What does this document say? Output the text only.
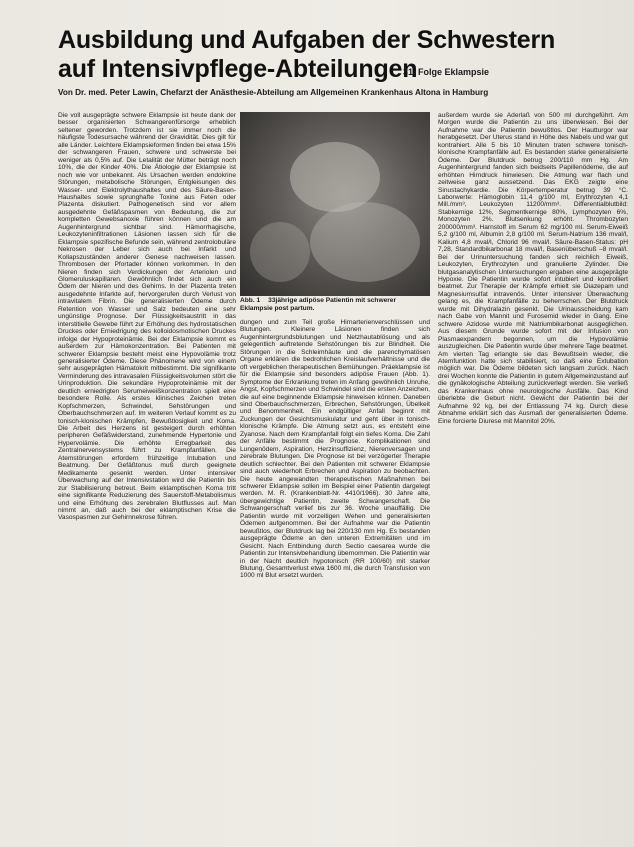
Ausbildung und Aufgaben der Schwestern
auf Intensivpflege-Abteilungen
31. Folge Eklampsie
Von Dr. med. Peter Lawin, Chefarzt der Anästhesie-Abteilung am Allgemeinen Krankenhaus Altona in Hamburg

Die voll ausgeprägte schwere Eklampsie ist heute dank der besser organisierten Schwangerenfürsorge erheblich seltener geworden. Trotzdem ist sie immer noch die häufigste Todesursache während der Gravidität. Dies gilt für alle Länder. Leichtere Eklampsieformen finden bei etwa 15% der schwangeren Frauen, schwere und schwerste bei weniger als 0,5% auf. Die Letalität der Mütter beträgt noch 10%, die der Kinder 40%. Die Ätiologie der Eklampsie ist noch wie vor unbekannt. Als Ursachen werden endokrine Störungen, metabolische Störungen, Entgleisungen des Wasser- und Elektrolythaushaltes und des Säure-Basen-Haushaltes sowie sprunghafte Toxine aus Feten oder Plazenta diskutiert. Pathogenetisch sind vor allem ausgedehnte Gefäßspasmen von Bedeutung, die zur kompletten Gewebsanoxie führen können und die am Augenhintergrund sichtbar sind. Hämorrhagische, Leukozyteninfiltrationen Läsionen lassen sich für die Eklampsie spezifische Befunde sein, während zentrolobuläre Nekrosen der Leber sich auch bei Infarkt und Kollapszuständen anderer Genese nachweisen lassen. Thrombosen der Pfortader können vorkommen. In den Nieren finden sich Verdickungen der Arteriolen und Glomeruluskapillaren. Gewöhnlich findet sich auch ein Ödem der Nieren und des Gehirns. In der Plazenta treten ausgedehnte Infarkte auf, hervorgerufen durch Verlust von intravitalem Fibrin. Die generalisierten Ödeme durch Retention von Wasser und Salz bedeuten eine sehr ungünstige Prognose. Der Flüssigkeitsaustritt in das interstitielle Gewebe führt zur Erhöhung des hydrostatischen Druckes oder Erniedrigung des kolloidosmotischen Druckes infolge der Hypoproteinämie. Bei der Eklampsie kommt es außerdem zur Hämokonzentration. Bei Patienten mit schwerer Eklampsie besteht meist eine Hypovolämie trotz generalisierter Ödeme. Diese Phänomene wird von einem sehr ausgeprägten Hämatokrit mitbestimmt. Die signifikante Verminderung des intravasalen Flüssigkeitsvolumen stört die Urinproduktion. Die sekundäre Hypoproteinämie mit der deutlich erniedrigten Serumeiweißkonzentration spielt eine besondere Rolle. Als erstes klinisches Zeichen treten Kopfschmerzen, Schwindel, Sehstörungen und Oberbauchschmerzen auf. Im weiteren Verlauf kommt es zu tonisch-klonischen Krämpfen, Bewußtlosigkeit und Koma. Die Arbeit des Herzens ist gesteigert durch erhöhten peripheren Gefäßwiderstand, zunehmende Hypertonie und Hypervolämie. Die erhöhte Erregbarkeit des Zentralnervensystems führt zu Krampfanfällen. Die Atemstörungen erfordern frühzeitige Intubation und Beatmung. Der Gefäßtonus muß durch geeignete Medikamente gesenkt werden. Unter intensiver Überwachung auf der Intensivstation wird die Patientin bis zur Stabilisierung betreut. Beim eklamptischen Koma tritt eine signifikante Reduzierung des Sauerstoff-Metabolismus und eine Erhöhung des zerebralen Blutflusses auf. Man nimmt an, daß auch bei der eklamptischen Krise die Vasospasmen zur Gehirnnekrose führen.

Abb. 1 33jährige adipöse Patientin mit schwerer Eklampsie post partum.

dungen und zum Teil große Hirnarterienverschlüssen und Blutungen. Kleinere Läsionen finden sich Augenhintergrundsblutungen und Netzhautablösung und als gelegentlich auftretende Sehstörungen bis zur Blindheit. Die Störungen in die Schleimhäute und die parenchymatösen Organe erklären die bedrohlichen Kreislaufverhältnisse und die oft vergeblichen therapeutischen Bemühungen. Präeklampsie ist für die Eklampsie sind besonders adipöse Frauen (Abb. 1). Symptome der Erkrankung treten im Anfang gewöhnlich Unruhe, Angst, Kopfschmerzen und Schwindel sind die ersten Anzeichen, die auf eine beginnende Eklampsie hinweisen können. Daneben sind Oberbauchschmerzen, Erbrechen, Sehstörungen, Übelkeit und Benommenheit. Ein endgültiger Anfall beginnt mit Zuckungen der Gesichtsmuskulatur und geht über in tonisch-klonische Krämpfe. Die Atmung setzt aus, es entsteht eine Zyanose. Nach dem Krampfanfall folgt ein tiefes Koma. Die Zahl der Anfälle bestimmt die Prognose. Komplikationen sind Lungenödem, Aspiration, Herzinsuffizienz, Nierenversagen und zerebrale Blutungen. Die Prognose ist bei verzögerter Therapie deutlich schlechter. Bei den Patienten mit schwerer Eklampsie sind auch wiederholt Erbrechen und Aspiration zu beobachten. Die heute angewandten therapeutischen Maßnahmen bei schwerer Eklampsie sollen im Beispiel einer Patientin dargelegt werden. M. R. (Krankenblatt-Nr. 4410/1966). 30 Jahre alte, übergewichtige Patientin, zweite Schwangerschaft. Die Schwangerschaft verlief bis zur 36. Woche unauffällig. Die Patientin wurde mit vorzeitigen Wehen und generalisierten Ödemen aufgenommen. Bei der Aufnahme war die Patientin bewußtlos, der Blutdruck lag bei 220/130 mm Hg. Es bestanden ausgeprägte Ödeme an den unteren Extremitäten und im Gesicht. Nach Entbindung durch Sectio caesarea wurde die Patientin zur Intensivbehandlung übernommen. Die Patientin war in der Nacht deutlich hypotonisch (RR 100/60) mit starker Blutung, Gesamtverlust etwa 1600 ml, die durch Transfusion von 1000 ml Blut ersetzt wurden.

außerdem wurde sie Aderlaß von 500 ml durchgeführt. Am Morgen wurde die Patientin zu uns überwiesen. Bei der Aufnahme war die Patientin bewußtlos. Der Hautturgor war herabgesetzt. Der Uterus stand in Höhe des Nabels und war gut kontrahiert. Alle 5 bis 10 Minuten traten schwere tonisch-klonische Krampfanfälle auf. Es bestanden starke generalisierte Ödeme. Der Blutdruck betrug 200/110 mm Hg. Am Augenhintergrund fanden sich beidseits Papillenödeme, die auf erhöhten Hirndruck hinwiesen. Die Atmung war flach und zeitweise ganz aussetzend. Das EKG zeigte eine Sinustachykardie. Die Körpertemperatur betrug 39 °C. Laborwerte: Hämoglobin 11,4 g/100 ml, Erythrozyten 4,1 Mill./mm³, Leukozyten 11200/mm³. Differentialblutbild: Stabkernige 12%, Segmentkernige 80%, Lymphozyten 6%, Monozyten 2%. Blutsenkung erhöht. Thrombozyten 200000/mm³. Harnstoff im Serum 62 mg/100 ml. Serum-Eiweiß 5,2 g/100 ml, Albumin 2,8 g/100 ml. Serum-Natrium 136 mval/l, Kalium 4,8 mval/l, Chlorid 96 mval/l. Säure-Basen-Status: pH 7,28, Standardbikarbonat 18 mval/l, Basenüberschuß –8 mval/l. Bei der Urinuntersuchung fanden sich reichlich Eiweiß, Leukozyten, Erythrozyten und granulierte Zylinder. Die blutgasanalytischen Untersuchungen ergaben eine ausgeprägte Hypoxie. Die Patientin wurde sofort intubiert und kontrolliert beatmet. Zur Therapie der Krämpfe erhielt sie Diazepam und Magnesiumsulfat intravenös. Unter intensiver Überwachung gelang es, die Krampfanfälle zu beherrschen. Der Blutdruck wurde mit Dihydralazin gesenkt. Die Urinausscheidung kam nach Gabe von Mannit und Furosemid wieder in Gang. Eine schwere Azidose wurde mit Natriumbikarbonat ausgeglichen. Aus diesem Grunde wurde sofort mit der Infusion von Plasmaexpandern begonnen, um die Hypovolämie auszugleichen. Die Patientin wurde über mehrere Tage beatmet. Am vierten Tag erlangte sie das Bewußtsein wieder, die Atemfunktion hatte sich stabilisiert, so daß eine Extubation möglich war. Die Ödeme bildeten sich langsam zurück. Nach drei Wochen konnte die Patientin in gutem Allgemeinzustand auf die gynäkologische Abteilung zurückverlegt werden. Sie verließ das Krankenhaus ohne neurologische Ausfälle. Das Kind überlebte die Geburt nicht. Gewicht der Patientin bei der Aufnahme 92 kg, bei der Entlassung 74 kg. Durch diese Abnahme erklärt sich das Ausmaß der generalisierten Ödeme. Eine forcierte Diurese mit Mannitol 20%.
